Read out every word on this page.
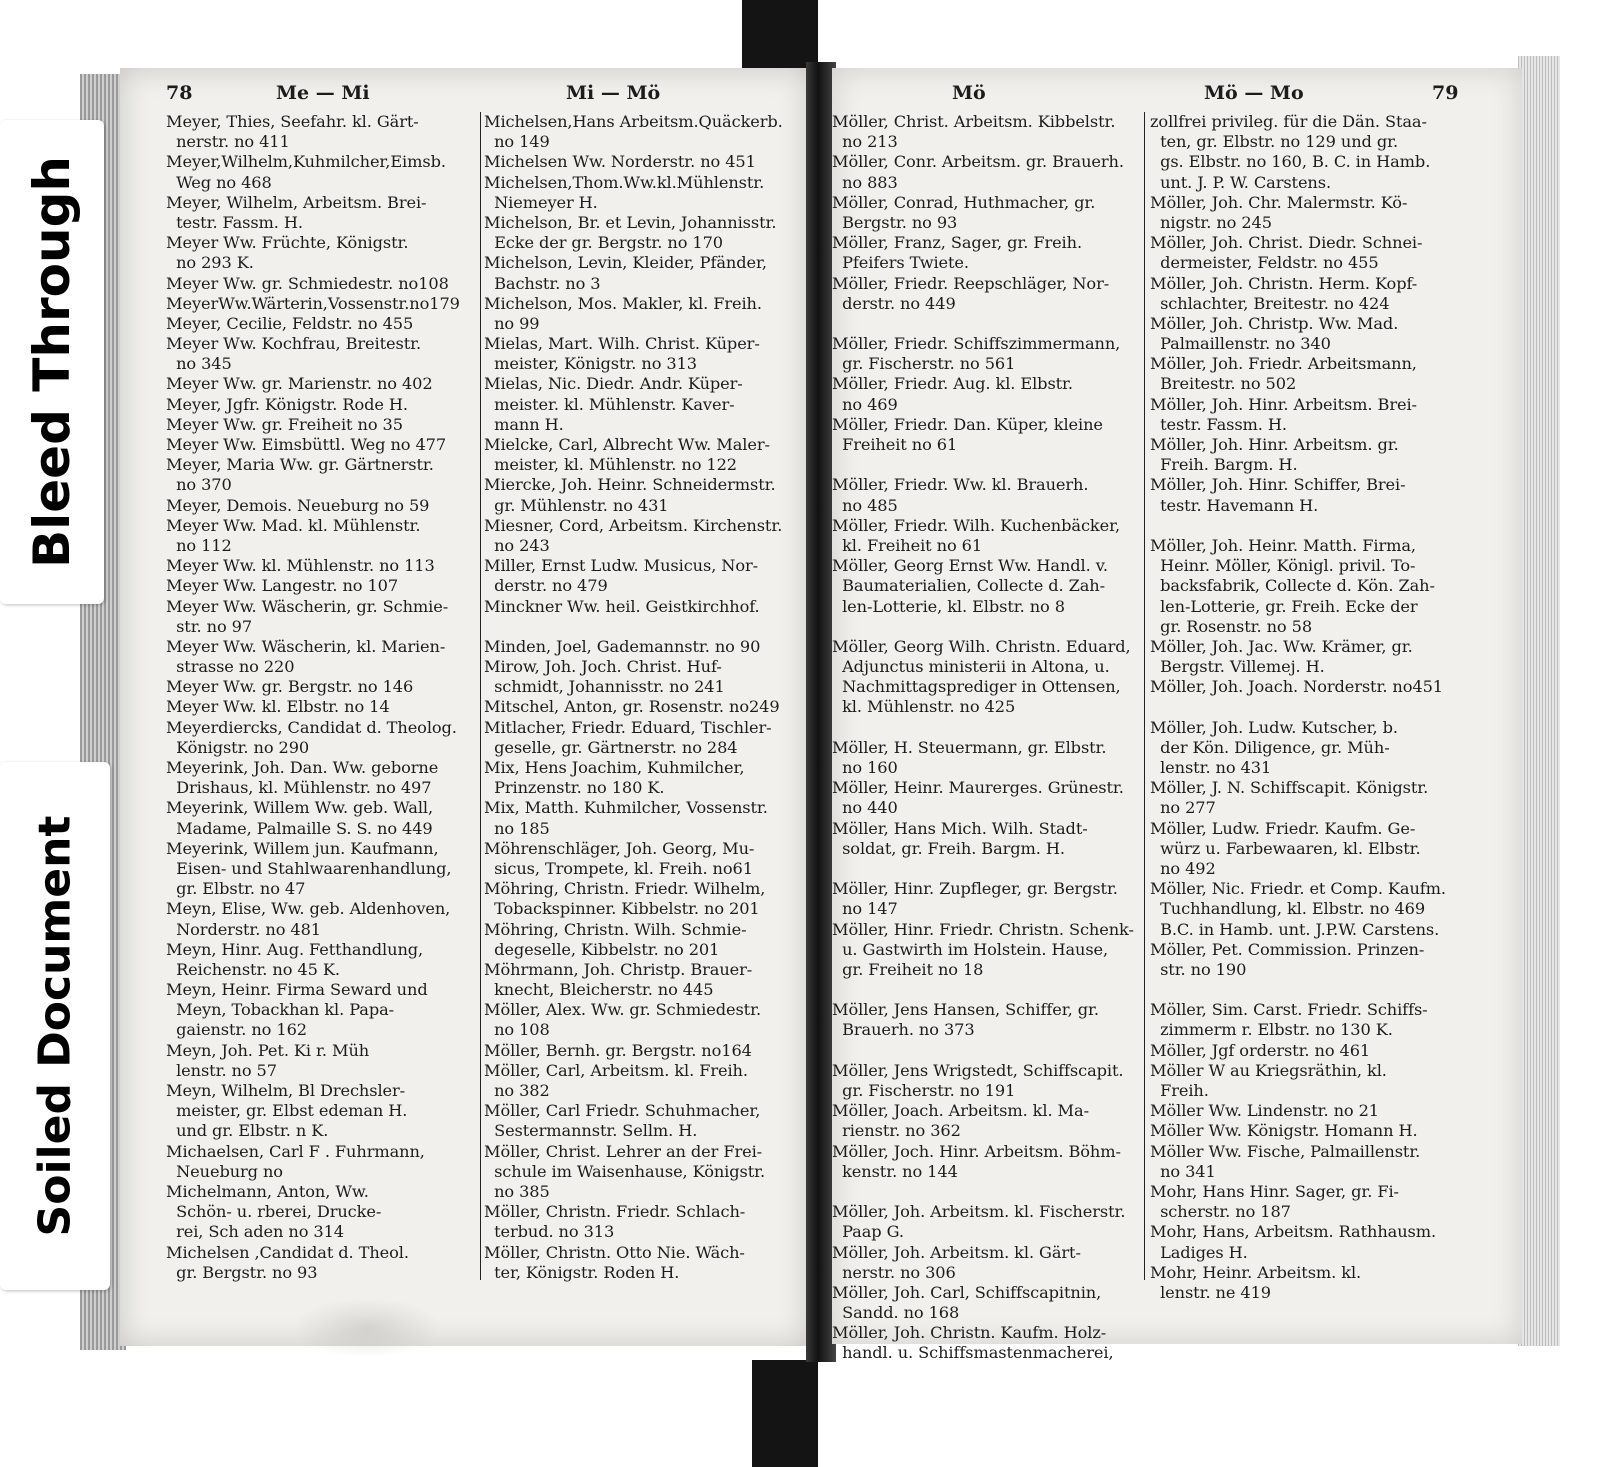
78	Me — Mi	Mi — Mö
Meyer, Thies, Seefahr. kl. Gärt-
nerstr. no 411
Meyer,Wilhelm,Kuhmilcher,Eimsb.
Weg no 468
Meyer, Wilhelm, Arbeitsm. Brei-
testr. Fassm. H.
Meyer Ww. Früchte, Königstr.
no 293 K.
Meyer Ww. gr. Schmiedestr. no108
MeyerWw.Wärterin,Vossenstr.no179
Meyer, Cecilie, Feldstr. no 455
Meyer Ww. Kochfrau, Breitestr.
no 345
Meyer Ww. gr. Marienstr. no 402
Meyer, Jgfr. Königstr. Rode H.
Meyer Ww. gr. Freiheit no 35
Meyer Ww. Eimsbüttl. Weg no 477
Meyer, Maria Ww. gr. Gärtnerstr.
no 370
Meyer, Demois. Neueburg no 59
Meyer Ww. Mad. kl. Mühlenstr.
no 112
Meyer Ww. kl. Mühlenstr. no 113
Meyer Ww. Langestr. no 107
Meyer Ww. Wäscherin, gr. Schmie-
str. no 97
Meyer Ww. Wäscherin, kl. Marien-
strasse no 220
Meyer Ww. gr. Bergstr. no 146
Meyer Ww. kl. Elbstr. no 14
Meyerdiercks, Candidat d. Theolog.
Königstr. no 290
Meyerink, Joh. Dan. Ww. geborne
Drishaus, kl. Mühlenstr. no 497
Meyerink, Willem Ww. geb. Wall,
Madame, Palmaille S. S. no 449
Meyerink, Willem jun. Kaufmann,
Eisen- und Stahlwaarenhandlung,
gr. Elbstr. no 47
Meyn, Elise, Ww. geb. Aldenhoven,
Norderstr. no 481
Meyn, Hinr. Aug. Fetthandlung,
Reichenstr. no 45 K.
Meyn, Heinr. Firma Seward und
Meyn, Tobackhan kl. Papa-
gaienstr. no 162
Meyn, Joh. Pet. Ki r. Müh
lenstr. no 57
Meyn, Wilhelm, Bl Drechsler-
meister, gr. Elbst edeman H.
und gr. Elbstr. n K.
Michaelsen, Carl F . Fuhrmann,
Neueburg no
Michelmann, Anton, Ww.
Schön- u. rberei, Drucke-
rei, Sch aden no 314
Michelsen ,Candidat d. Theol.
gr. Bergstr. no 93
Michelsen,Hans Arbeitsm.Quäckerb.
no 149
Michelsen Ww. Norderstr. no 451
Michelsen,Thom.Ww.kl.Mühlenstr.
Niemeyer H.
Michelson, Br. et Levin, Johannisstr.
Ecke der gr. Bergstr. no 170
Michelson, Levin, Kleider, Pfänder,
Bachstr. no 3
Michelson, Mos. Makler, kl. Freih.
no 99
Mielas, Mart. Wilh. Christ. Küper-
meister, Königstr. no 313
Mielas, Nic. Diedr. Andr. Küper-
meister. kl. Mühlenstr. Kaver-
mann H.
Mielcke, Carl, Albrecht Ww. Maler-
meister, kl. Mühlenstr. no 122
Miercke, Joh. Heinr. Schneidermstr.
gr. Mühlenstr. no 431
Miesner, Cord, Arbeitsm. Kirchenstr.
no 243
Miller, Ernst Ludw. Musicus, Nor-
derstr. no 479
Minckner Ww. heil. Geistkirchhof.
Minden, Joel, Gademannstr. no 90
Mirow, Joh. Joch. Christ. Huf-
schmidt, Johannisstr. no 241
Mitschel, Anton, gr. Rosenstr. no249
Mitlacher, Friedr. Eduard, Tischler-
geselle, gr. Gärtnerstr. no 284
Mix, Hens Joachim, Kuhmilcher,
Prinzenstr. no 180 K.
Mix, Matth. Kuhmilcher, Vossenstr.
no 185
Möhrenschläger, Joh. Georg, Mu-
sicus, Trompete, kl. Freih. no61
Möhring, Christn. Friedr. Wilhelm,
Tobackspinner. Kibbelstr. no 201
Möhring, Christn. Wilh. Schmie-
degeselle, Kibbelstr. no 201
Möhrmann, Joh. Christp. Brauer-
knecht, Bleicherstr. no 445
Möller, Alex. Ww. gr. Schmiedestr.
no 108
Möller, Bernh. gr. Bergstr. no164
Möller, Carl, Arbeitsm. kl. Freih.
no 382
Möller, Carl Friedr. Schuhmacher,
Sestermannstr. Sellm. H.
Möller, Christ. Lehrer an der Frei-
schule im Waisenhause, Königstr.
no 385
Möller, Christn. Friedr. Schlach-
terbud. no 313
Möller, Christn. Otto Nie. Wäch-
ter, Königstr. Roden H.
Mö	Mö — Mo	79
Möller, Christ. Arbeitsm. Kibbelstr.
no 213
Möller, Conr. Arbeitsm. gr. Brauerh.
no 883
Möller, Conrad, Huthmacher, gr.
Bergstr. no 93
Möller, Franz, Sager, gr. Freih.
Pfeifers Twiete.
Möller, Friedr. Reepschläger, Nor-
derstr. no 449
Möller, Friedr. Schiffszimmermann,
gr. Fischerstr. no 561
Möller, Friedr. Aug. kl. Elbstr.
no 469
Möller, Friedr. Dan. Küper, kleine
Freiheit no 61
Möller, Friedr. Ww. kl. Brauerh.
no 485
Möller, Friedr. Wilh. Kuchenbäcker,
kl. Freiheit no 61
Möller, Georg Ernst Ww. Handl. v.
Baumaterialien, Collecte d. Zah-
len-Lotterie, kl. Elbstr. no 8
Möller, Georg Wilh. Christn. Eduard,
Adjunctus ministerii in Altona, u.
Nachmittagsprediger in Ottensen,
kl. Mühlenstr. no 425
Möller, H. Steuermann, gr. Elbstr.
no 160
Möller, Heinr. Maurerges. Grünestr.
no 440
Möller, Hans Mich. Wilh. Stadt-
soldat, gr. Freih. Bargm. H.
Möller, Hinr. Zupfleger, gr. Bergstr.
no 147
Möller, Hinr. Friedr. Christn. Schenk-
u. Gastwirth im Holstein. Hause,
gr. Freiheit no 18
Möller, Jens Hansen, Schiffer, gr.
Brauerh. no 373
Möller, Jens Wrigstedt, Schiffscapit.
gr. Fischerstr. no 191
Möller, Joach. Arbeitsm. kl. Ma-
rienstr. no 362
Möller, Joch. Hinr. Arbeitsm. Böhm-
kenstr. no 144
Möller, Joh. Arbeitsm. kl. Fischerstr.
Paap G.
Möller, Joh. Arbeitsm. kl. Gärt-
nerstr. no 306
Möller, Joh. Carl, Schiffscapitnin,
Sandd. no 168
Möller, Joh. Christn. Kaufm. Holz-
handl. u. Schiffsmastenmacherei,
zollfrei privileg. für die Dän. Staa-
ten, gr. Elbstr. no 129 und gr.
gs. Elbstr. no 160, B. C. in Hamb.
unt. J. P. W. Carstens.
Möller, Joh. Chr. Malermstr. Kö-
nigstr. no 245
Möller, Joh. Christ. Diedr. Schnei-
dermeister, Feldstr. no 455
Möller, Joh. Christn. Herm. Kopf-
schlachter, Breitestr. no 424
Möller, Joh. Christp. Ww. Mad.
Palmaillenstr. no 340
Möller, Joh. Friedr. Arbeitsmann,
Breitestr. no 502
Möller, Joh. Hinr. Arbeitsm. Brei-
testr. Fassm. H.
Möller, Joh. Hinr. Arbeitsm. gr.
Freih. Bargm. H.
Möller, Joh. Hinr. Schiffer, Brei-
testr. Havemann H.
Möller, Joh. Heinr. Matth. Firma,
Heinr. Möller, Königl. privil. To-
backsfabrik, Collecte d. Kön. Zah-
len-Lotterie, gr. Freih. Ecke der
gr. Rosenstr. no 58
Möller, Joh. Jac. Ww. Krämer, gr.
Bergstr. Villemej. H.
Möller, Joh. Joach. Norderstr. no451
Möller, Joh. Ludw. Kutscher, b.
der Kön. Diligence, gr. Müh-
lenstr. no 431
Möller, J. N. Schiffscapit. Königstr.
no 277
Möller, Ludw. Friedr. Kaufm. Ge-
würz u. Farbewaaren, kl. Elbstr.
no 492
Möller, Nic. Friedr. et Comp. Kaufm.
Tuchhandlung, kl. Elbstr. no 469
B.C. in Hamb. unt. J.P.W. Carstens.
Möller, Pet. Commission. Prinzen-
str. no 190
Möller, Sim. Carst. Friedr. Schiffs-
zimmerm r. Elbstr. no 130 K.
Möller, Jgf orderstr. no 461
Möller W au Kriegsräthin, kl.
Freih.
Möller Ww. Lindenstr. no 21
Möller Ww. Königstr. Homann H.
Möller Ww. Fische, Palmaillenstr.
no 341
Mohr, Hans Hinr. Sager, gr. Fi-
scherstr. no 187
Mohr, Hans, Arbeitsm. Rathhausm.
Ladiges H.
Mohr, Heinr. Arbeitsm. kl.
lenstr. ne 419
Bleed Through
Soiled Document
